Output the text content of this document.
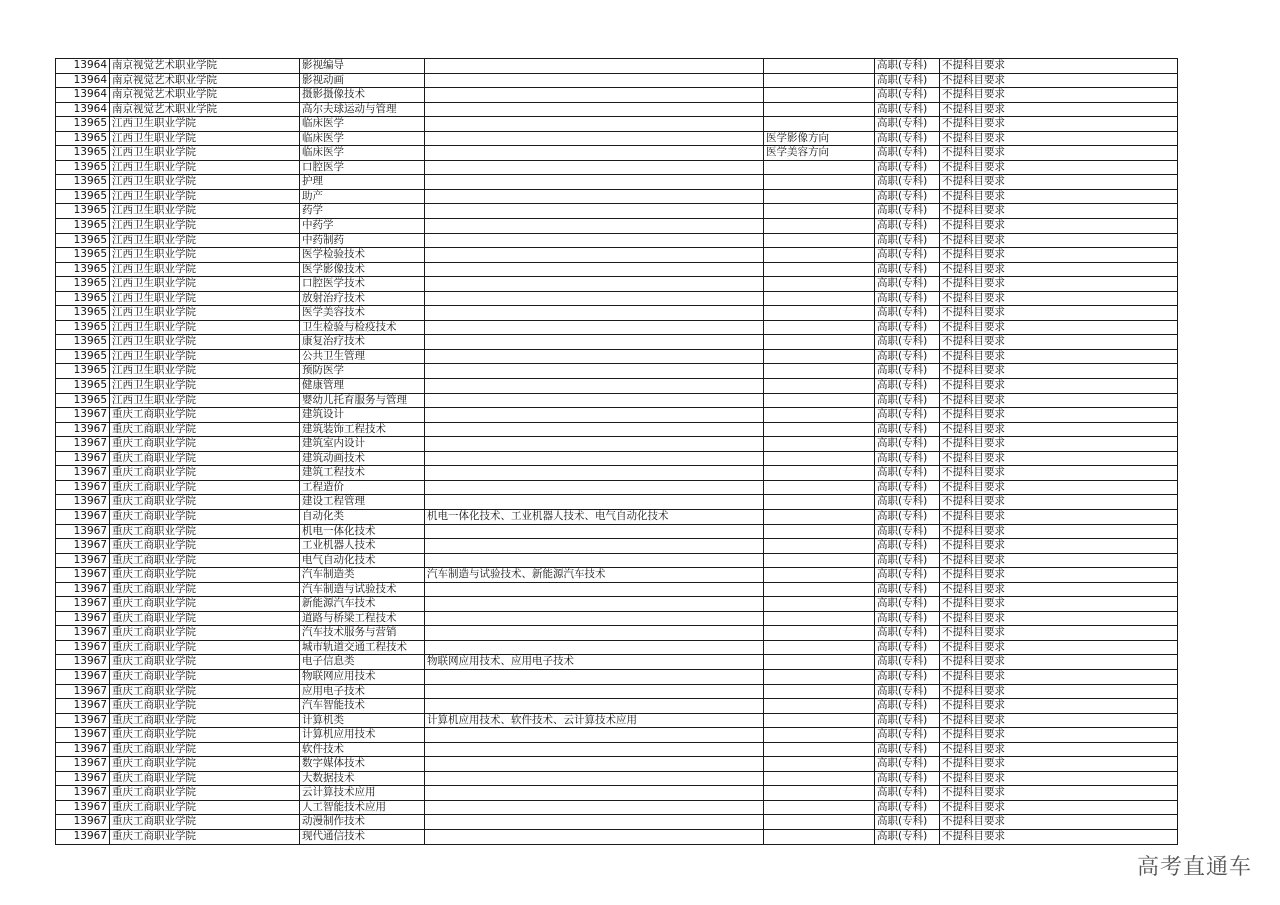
13964	南京视觉艺术职业学院	影视编导			高职(专科)	不提科目要求
13964	南京视觉艺术职业学院	影视动画			高职(专科)	不提科目要求
13964	南京视觉艺术职业学院	摄影摄像技术			高职(专科)	不提科目要求
13964	南京视觉艺术职业学院	高尔夫球运动与管理			高职(专科)	不提科目要求
13965	江西卫生职业学院	临床医学			高职(专科)	不提科目要求
13965	江西卫生职业学院	临床医学		医学影像方向	高职(专科)	不提科目要求
13965	江西卫生职业学院	临床医学		医学美容方向	高职(专科)	不提科目要求
13965	江西卫生职业学院	口腔医学			高职(专科)	不提科目要求
13965	江西卫生职业学院	护理			高职(专科)	不提科目要求
13965	江西卫生职业学院	助产			高职(专科)	不提科目要求
13965	江西卫生职业学院	药学			高职(专科)	不提科目要求
13965	江西卫生职业学院	中药学			高职(专科)	不提科目要求
13965	江西卫生职业学院	中药制药			高职(专科)	不提科目要求
13965	江西卫生职业学院	医学检验技术			高职(专科)	不提科目要求
13965	江西卫生职业学院	医学影像技术			高职(专科)	不提科目要求
13965	江西卫生职业学院	口腔医学技术			高职(专科)	不提科目要求
13965	江西卫生职业学院	放射治疗技术			高职(专科)	不提科目要求
13965	江西卫生职业学院	医学美容技术			高职(专科)	不提科目要求
13965	江西卫生职业学院	卫生检验与检疫技术			高职(专科)	不提科目要求
13965	江西卫生职业学院	康复治疗技术			高职(专科)	不提科目要求
13965	江西卫生职业学院	公共卫生管理			高职(专科)	不提科目要求
13965	江西卫生职业学院	预防医学			高职(专科)	不提科目要求
13965	江西卫生职业学院	健康管理			高职(专科)	不提科目要求
13965	江西卫生职业学院	婴幼儿托育服务与管理			高职(专科)	不提科目要求
13967	重庆工商职业学院	建筑设计			高职(专科)	不提科目要求
13967	重庆工商职业学院	建筑装饰工程技术			高职(专科)	不提科目要求
13967	重庆工商职业学院	建筑室内设计			高职(专科)	不提科目要求
13967	重庆工商职业学院	建筑动画技术			高职(专科)	不提科目要求
13967	重庆工商职业学院	建筑工程技术			高职(专科)	不提科目要求
13967	重庆工商职业学院	工程造价			高职(专科)	不提科目要求
13967	重庆工商职业学院	建设工程管理			高职(专科)	不提科目要求
13967	重庆工商职业学院	自动化类	机电一体化技术、工业机器人技术、电气自动化技术		高职(专科)	不提科目要求
13967	重庆工商职业学院	机电一体化技术			高职(专科)	不提科目要求
13967	重庆工商职业学院	工业机器人技术			高职(专科)	不提科目要求
13967	重庆工商职业学院	电气自动化技术			高职(专科)	不提科目要求
13967	重庆工商职业学院	汽车制造类	汽车制造与试验技术、新能源汽车技术		高职(专科)	不提科目要求
13967	重庆工商职业学院	汽车制造与试验技术			高职(专科)	不提科目要求
13967	重庆工商职业学院	新能源汽车技术			高职(专科)	不提科目要求
13967	重庆工商职业学院	道路与桥梁工程技术			高职(专科)	不提科目要求
13967	重庆工商职业学院	汽车技术服务与营销			高职(专科)	不提科目要求
13967	重庆工商职业学院	城市轨道交通工程技术			高职(专科)	不提科目要求
13967	重庆工商职业学院	电子信息类	物联网应用技术、应用电子技术		高职(专科)	不提科目要求
13967	重庆工商职业学院	物联网应用技术			高职(专科)	不提科目要求
13967	重庆工商职业学院	应用电子技术			高职(专科)	不提科目要求
13967	重庆工商职业学院	汽车智能技术			高职(专科)	不提科目要求
13967	重庆工商职业学院	计算机类	计算机应用技术、软件技术、云计算技术应用		高职(专科)	不提科目要求
13967	重庆工商职业学院	计算机应用技术			高职(专科)	不提科目要求
13967	重庆工商职业学院	软件技术			高职(专科)	不提科目要求
13967	重庆工商职业学院	数字媒体技术			高职(专科)	不提科目要求
13967	重庆工商职业学院	大数据技术			高职(专科)	不提科目要求
13967	重庆工商职业学院	云计算技术应用			高职(专科)	不提科目要求
13967	重庆工商职业学院	人工智能技术应用			高职(专科)	不提科目要求
13967	重庆工商职业学院	动漫制作技术			高职(专科)	不提科目要求
13967	重庆工商职业学院	现代通信技术			高职(专科)	不提科目要求
高考直通车
